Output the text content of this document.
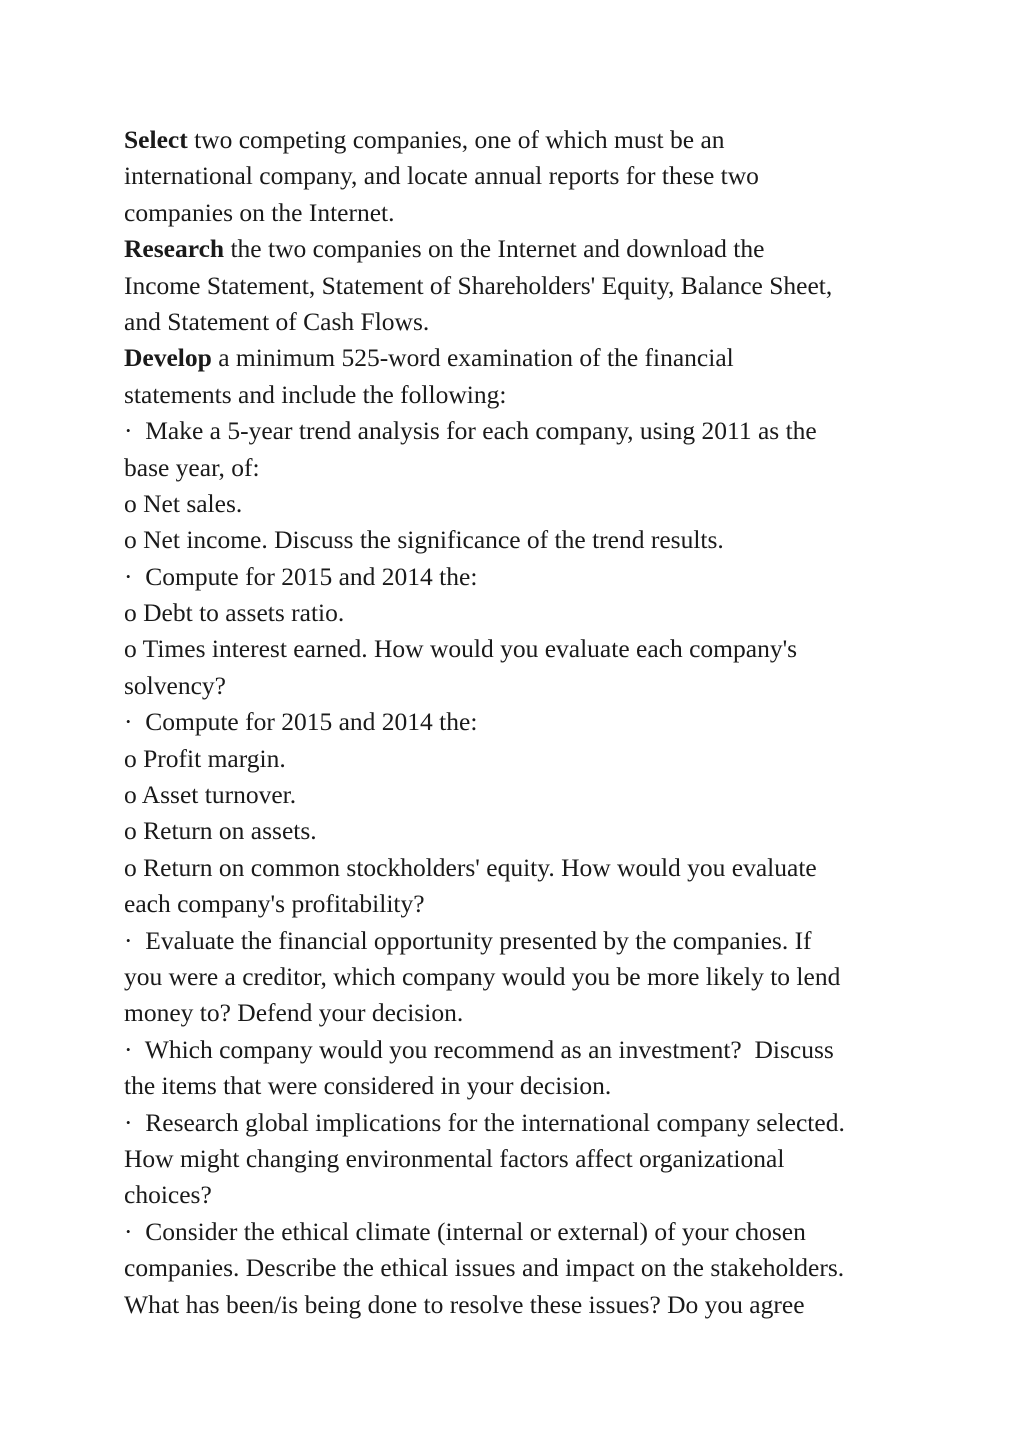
Select two competing companies, one of which must be an
international company, and locate annual reports for these two
companies on the Internet.
Research the two companies on the Internet and download the
Income Statement, Statement of Shareholders' Equity, Balance Sheet,
and Statement of Cash Flows.
Develop a minimum 525-word examination of the financial
statements and include the following:
·  Make a 5-year trend analysis for each company, using 2011 as the
base year, of:
o Net sales.
o Net income. Discuss the significance of the trend results.
·  Compute for 2015 and 2014 the:
o Debt to assets ratio.
o Times interest earned. How would you evaluate each company's
solvency?
·  Compute for 2015 and 2014 the:
o Profit margin.
o Asset turnover.
o Return on assets.
o Return on common stockholders' equity. How would you evaluate
each company's profitability?
·  Evaluate the financial opportunity presented by the companies. If
you were a creditor, which company would you be more likely to lend
money to? Defend your decision.
·  Which company would you recommend as an investment?  Discuss
the items that were considered in your decision.
·  Research global implications for the international company selected.
How might changing environmental factors affect organizational
choices?
·  Consider the ethical climate (internal or external) of your chosen
companies. Describe the ethical issues and impact on the stakeholders.
What has been/is being done to resolve these issues? Do you agree
